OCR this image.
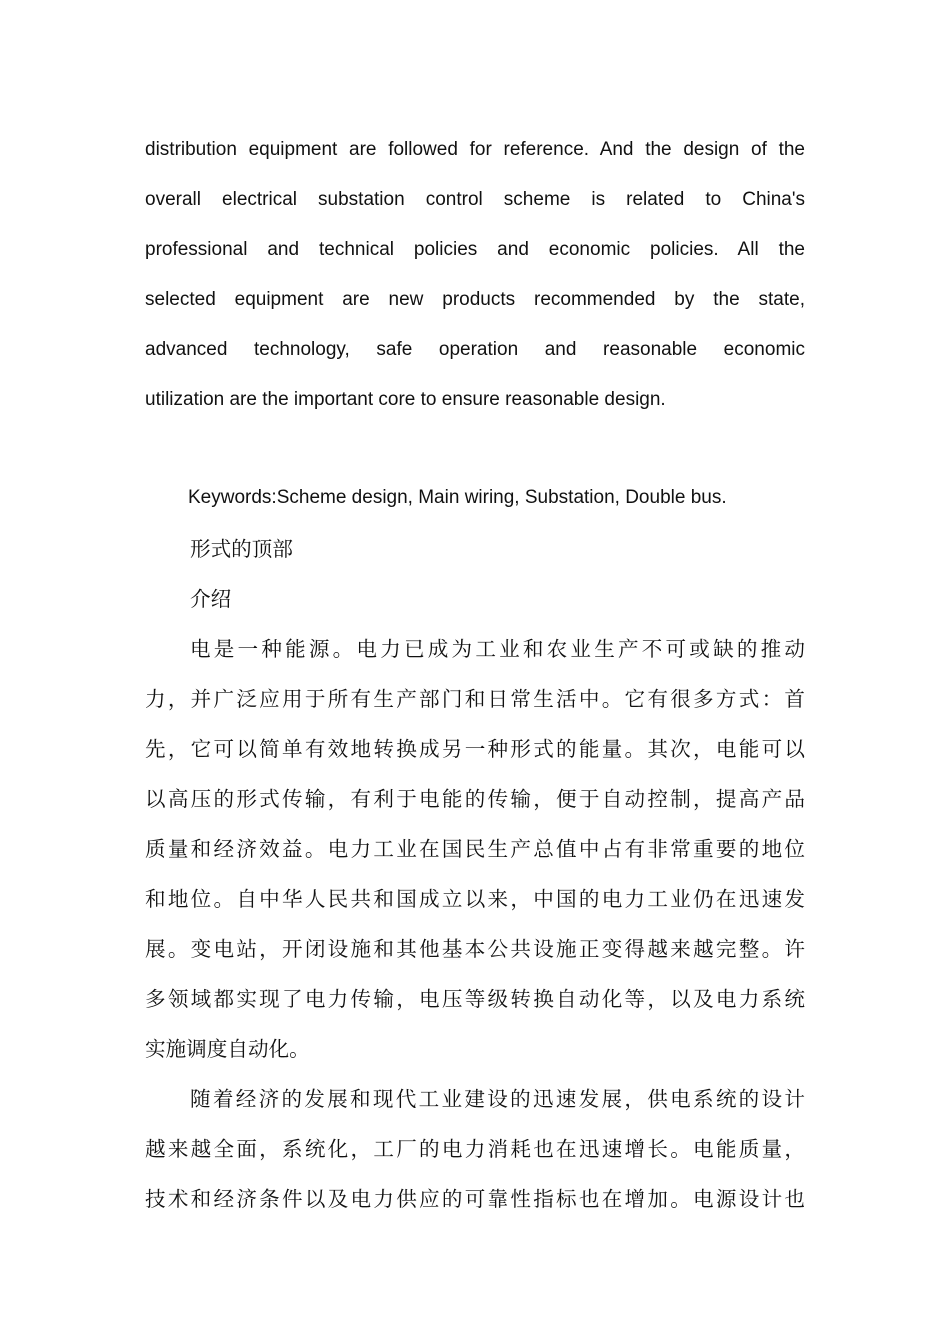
distribution equipment are followed for reference. And the design of the
overall electrical substation control scheme is related to China's
professional and technical policies and economic policies. All the
selected equipment are new products recommended by the state,
advanced technology, safe operation and reasonable economic
utilization are the important core to ensure reasonable design.
Keywords:Scheme design, Main wiring, Substation, Double bus.
形式的顶部
介绍
电是一种能源。电力已成为工业和农业生产不可或缺的推动
力，并广泛应用于所有生产部门和日常生活中。它有很多方式：首
先，它可以简单有效地转换成另一种形式的能量。其次，电能可以
以高压的形式传输，有利于电能的传输，便于自动控制，提高产品
质量和经济效益。电力工业在国民生产总值中占有非常重要的地位
和地位。自中华人民共和国成立以来，中国的电力工业仍在迅速发
展。变电站，开闭设施和其他基本公共设施正变得越来越完整。许
多领域都实现了电力传输，电压等级转换自动化等，以及电力系统
实施调度自动化。
随着经济的发展和现代工业建设的迅速发展，供电系统的设计
越来越全面，系统化，工厂的电力消耗也在迅速增长。电能质量，
技术和经济条件以及电力供应的可靠性指标也在增加。电源设计也
